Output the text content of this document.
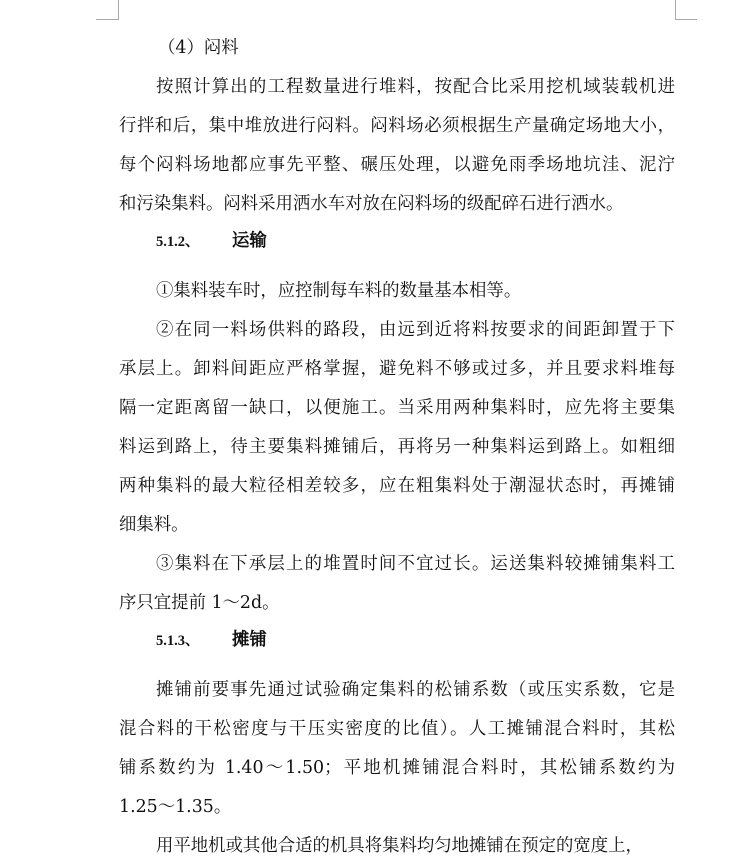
（4）闷料
按照计算出的工程数量进行堆料，按配合比采用挖机域装载机进
行拌和后，集中堆放进行闷料。闷料场必须根据生产量确定场地大小，
每个闷料场地都应事先平整、碾压处理，以避免雨季场地坑洼、泥泞
和污染集料。闷料采用洒水车对放在闷料场的级配碎石进行洒水。
5.1.2、 运输
①集料装车时，应控制每车料的数量基本相等。
②在同一料场供料的路段，由远到近将料按要求的间距卸置于下
承层上。卸料间距应严格掌握，避免料不够或过多，并且要求料堆每
隔一定距离留一缺口，以便施工。当采用两种集料时，应先将主要集
料运到路上，待主要集料摊铺后，再将另一种集料运到路上。如粗细
两种集料的最大粒径相差较多，应在粗集料处于潮湿状态时，再摊铺
细集料。
③集料在下承层上的堆置时间不宜过长。运送集料较摊铺集料工
序只宜提前 1～2d。
5.1.3、 摊铺
摊铺前要事先通过试验确定集料的松铺系数（或压实系数，它是
混合料的干松密度与干压实密度的比值）。人工摊铺混合料时，其松
铺系数约为 1.40～1.50；平地机摊铺混合料时，其松铺系数约为
1.25～1.35。
用平地机或其他合适的机具将集料均匀地摊铺在预定的宽度上，
